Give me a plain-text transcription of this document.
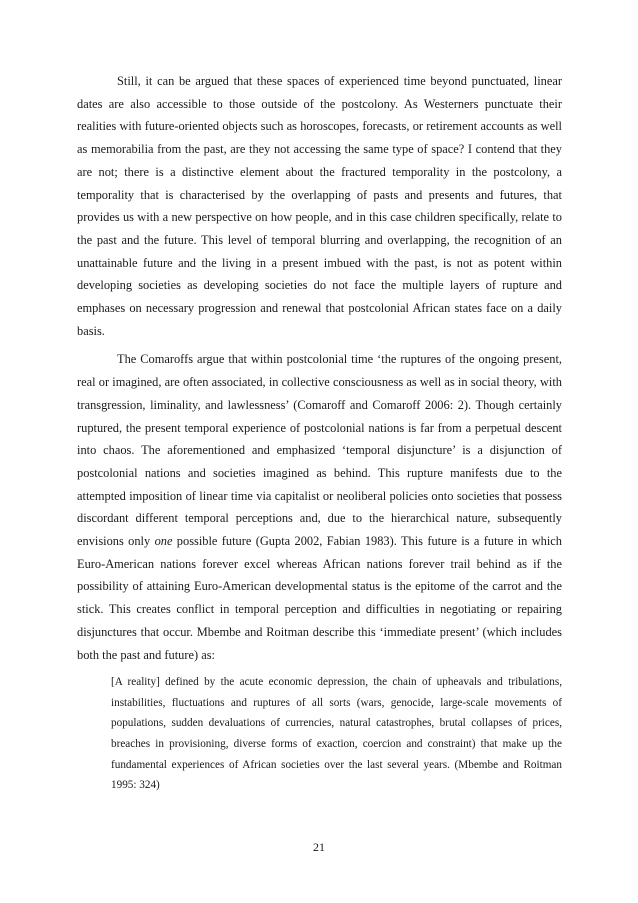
Still, it can be argued that these spaces of experienced time beyond punctuated, linear dates are also accessible to those outside of the postcolony. As Westerners punctuate their realities with future-oriented objects such as horoscopes, forecasts, or retirement accounts as well as memorabilia from the past, are they not accessing the same type of space? I contend that they are not; there is a distinctive element about the fractured temporality in the postcolony, a temporality that is characterised by the overlapping of pasts and presents and futures, that provides us with a new perspective on how people, and in this case children specifically, relate to the past and the future. This level of temporal blurring and overlapping, the recognition of an unattainable future and the living in a present imbued with the past, is not as potent within developing societies as developing societies do not face the multiple layers of rupture and emphases on necessary progression and renewal that postcolonial African states face on a daily basis.

The Comaroffs argue that within postcolonial time ‘the ruptures of the ongoing present, real or imagined, are often associated, in collective consciousness as well as in social theory, with transgression, liminality, and lawlessness’ (Comaroff and Comaroff 2006: 2). Though certainly ruptured, the present temporal experience of postcolonial nations is far from a perpetual descent into chaos. The aforementioned and emphasized ‘temporal disjuncture’ is a disjunction of postcolonial nations and societies imagined as behind. This rupture manifests due to the attempted imposition of linear time via capitalist or neoliberal policies onto societies that possess discordant different temporal perceptions and, due to the hierarchical nature, subsequently envisions only one possible future (Gupta 2002, Fabian 1983). This future is a future in which Euro-American nations forever excel whereas African nations forever trail behind as if the possibility of attaining Euro-American developmental status is the epitome of the carrot and the stick. This creates conflict in temporal perception and difficulties in negotiating or repairing disjunctures that occur. Mbembe and Roitman describe this ‘immediate present’ (which includes both the past and future) as:

[A reality] defined by the acute economic depression, the chain of upheavals and tribulations, instabilities, fluctuations and ruptures of all sorts (wars, genocide, large-scale movements of populations, sudden devaluations of currencies, natural catastrophes, brutal collapses of prices, breaches in provisioning, diverse forms of exaction, coercion and constraint) that make up the fundamental experiences of African societies over the last several years. (Mbembe and Roitman 1995: 324)

21
